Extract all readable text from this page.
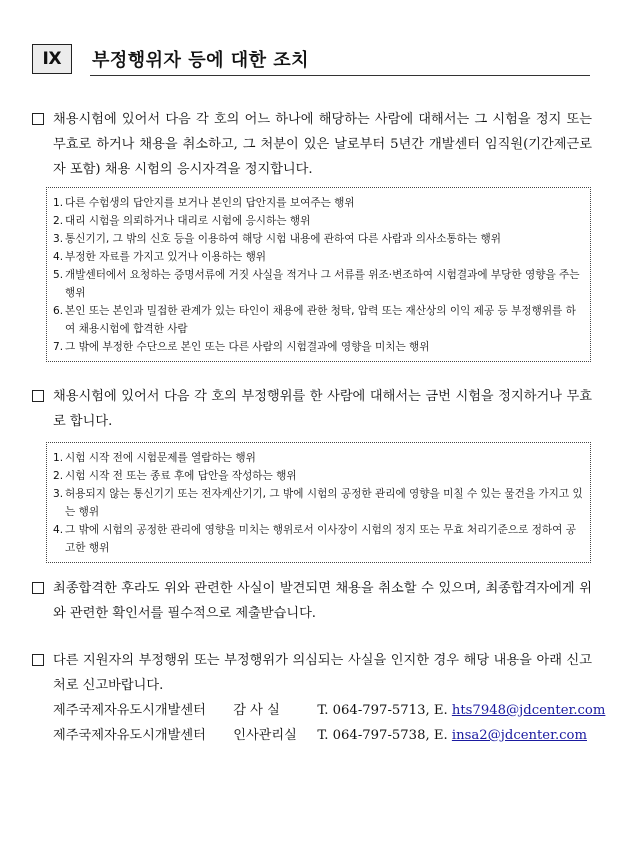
Ⅸ	부정행위자 등에 대한 조치
채용시험에 있어서 다음 각 호의 어느 하나에 해당하는 사람에 대해서는 그 시험을 정지 또는 무효로 하거나 채용을 취소하고, 그 처분이 있은 날로부터 5년간 개발센터 임직원(기간제근로자 포함) 채용 시험의 응시자격을 정지합니다.
1. 다른 수험생의 답안지를 보거나 본인의 답안지를 보여주는 행위
2. 대리 시험을 의뢰하거나 대리로 시험에 응시하는 행위
3. 통신기기, 그 밖의 신호 등을 이용하여 해당 시험 내용에 관하여 다른 사람과 의사소통하는 행위
4. 부정한 자료를 가지고 있거나 이용하는 행위
5. 개발센터에서 요청하는 증명서류에 거짓 사실을 적거나 그 서류를 위조·변조하여 시험결과에 부당한 영향을 주는 행위
6. 본인 또는 본인과 밀접한 관계가 있는 타인이 채용에 관한 청탁, 압력 또는 재산상의 이익 제공 등 부정행위를 하여 채용시험에 합격한 사람
7. 그 밖에 부정한 수단으로 본인 또는 다른 사람의 시험결과에 영향을 미치는 행위
채용시험에 있어서 다음 각 호의 부정행위를 한 사람에 대해서는 금번 시험을 정지하거나 무효로 합니다.
1. 시험 시작 전에 시험문제를 열람하는 행위
2. 시험 시작 전 또는 종료 후에 답안을 작성하는 행위
3. 허용되지 않는 통신기기 또는 전자계산기기, 그 밖에 시험의 공정한 관리에 영향을 미칠 수 있는 물건을 가지고 있는 행위
4. 그 밖에 시험의 공정한 관리에 영향을 미치는 행위로서 이사장이 시험의 정지 또는 무효 처리기준으로 정하여 공고한 행위
최종합격한 후라도 위와 관련한 사실이 발견되면 채용을 취소할 수 있으며, 최종합격자에게 위와 관련한 확인서를 필수적으로 제출받습니다.
다른 지원자의 부정행위 또는 부정행위가 의심되는 사실을 인지한 경우 해당 내용을 아래 신고처로 신고바랍니다.
제주국제자유도시개발센터 감 사 실	T. 064-797-5713, E. hts7948@jdcenter.com
제주국제자유도시개발센터 인사관리실 T. 064-797-5738, E. insa2@jdcenter.com
